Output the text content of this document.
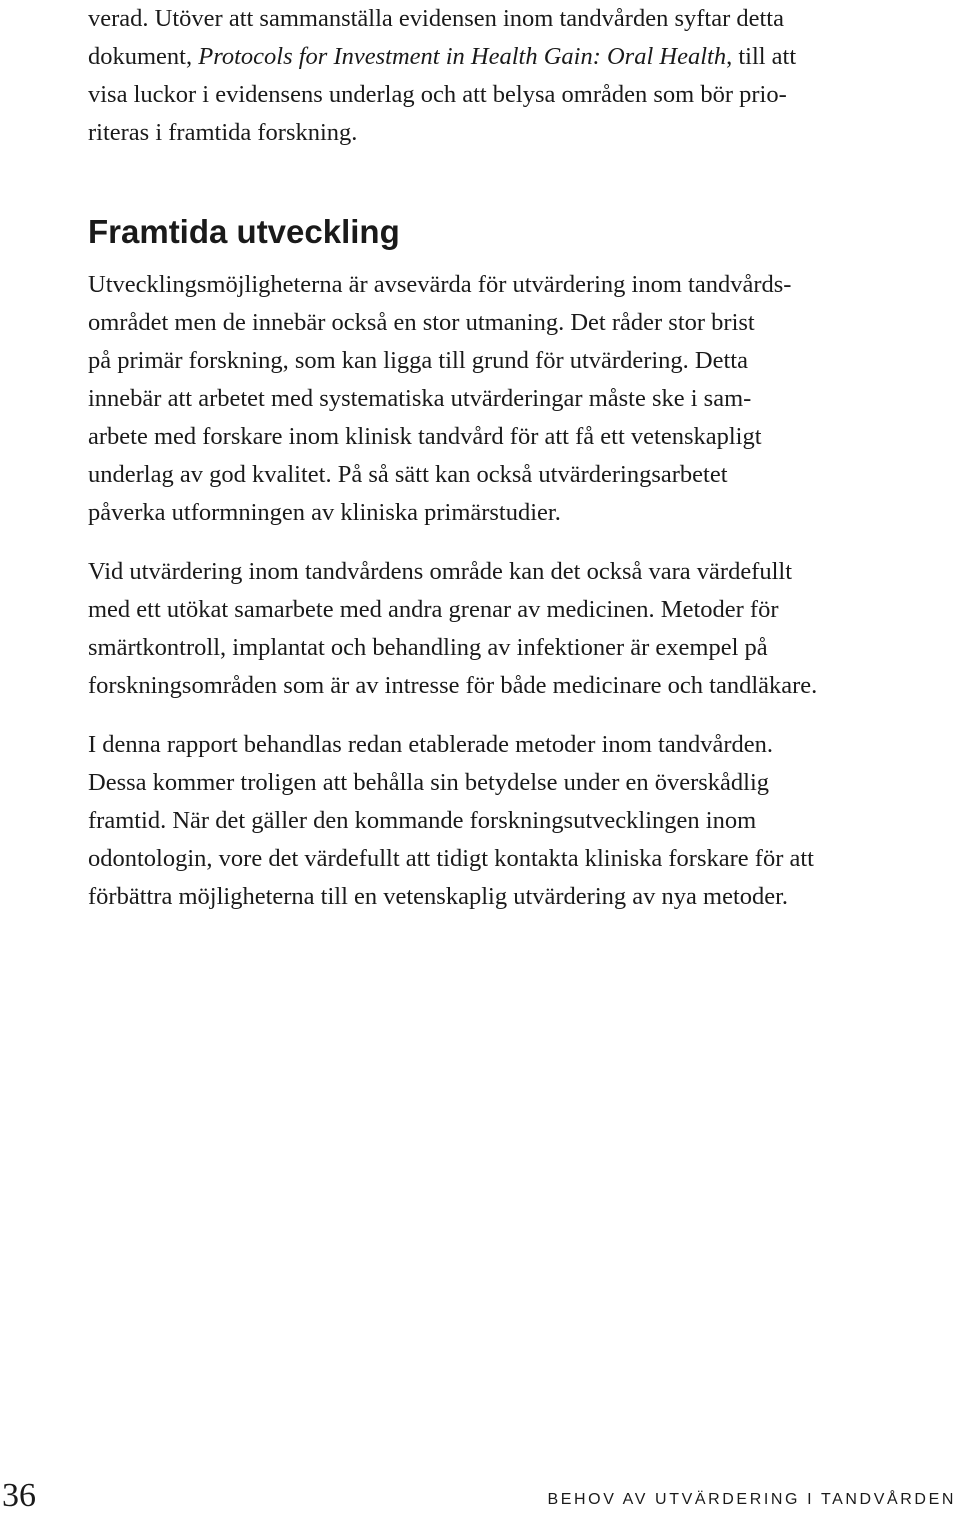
verad. Utöver att sammanställa evidensen inom tandvården syftar detta
dokument, Protocols for Investment in Health Gain: Oral Health, till att
visa luckor i evidensens underlag och att belysa områden som bör prio-
riteras i framtida forskning.

Framtida utveckling

Utvecklingsmöjligheterna är avsevärda för utvärdering inom tandvårds-
området men de innebär också en stor utmaning. Det råder stor brist
på primär forskning, som kan ligga till grund för utvärdering. Detta
innebär att arbetet med systematiska utvärderingar måste ske i sam-
arbete med forskare inom klinisk tandvård för att få ett vetenskapligt
underlag av god kvalitet. På så sätt kan också utvärderingsarbetet
påverka utformningen av kliniska primärstudier.

Vid utvärdering inom tandvårdens område kan det också vara värdefullt
med ett utökat samarbete med andra grenar av medicinen. Metoder för
smärtkontroll, implantat och behandling av infektioner är exempel på
forskningsområden som är av intresse för både medicinare och tandläkare.

I denna rapport behandlas redan etablerade metoder inom tandvården.
Dessa kommer troligen att behålla sin betydelse under en överskådlig
framtid. När det gäller den kommande forskningsutvecklingen inom
odontologin, vore det värdefullt att tidigt kontakta kliniska forskare för att
förbättra möjligheterna till en vetenskaplig utvärdering av nya metoder.

36	BEHOV AV UTVÄRDERING I TANDVÅRDEN
